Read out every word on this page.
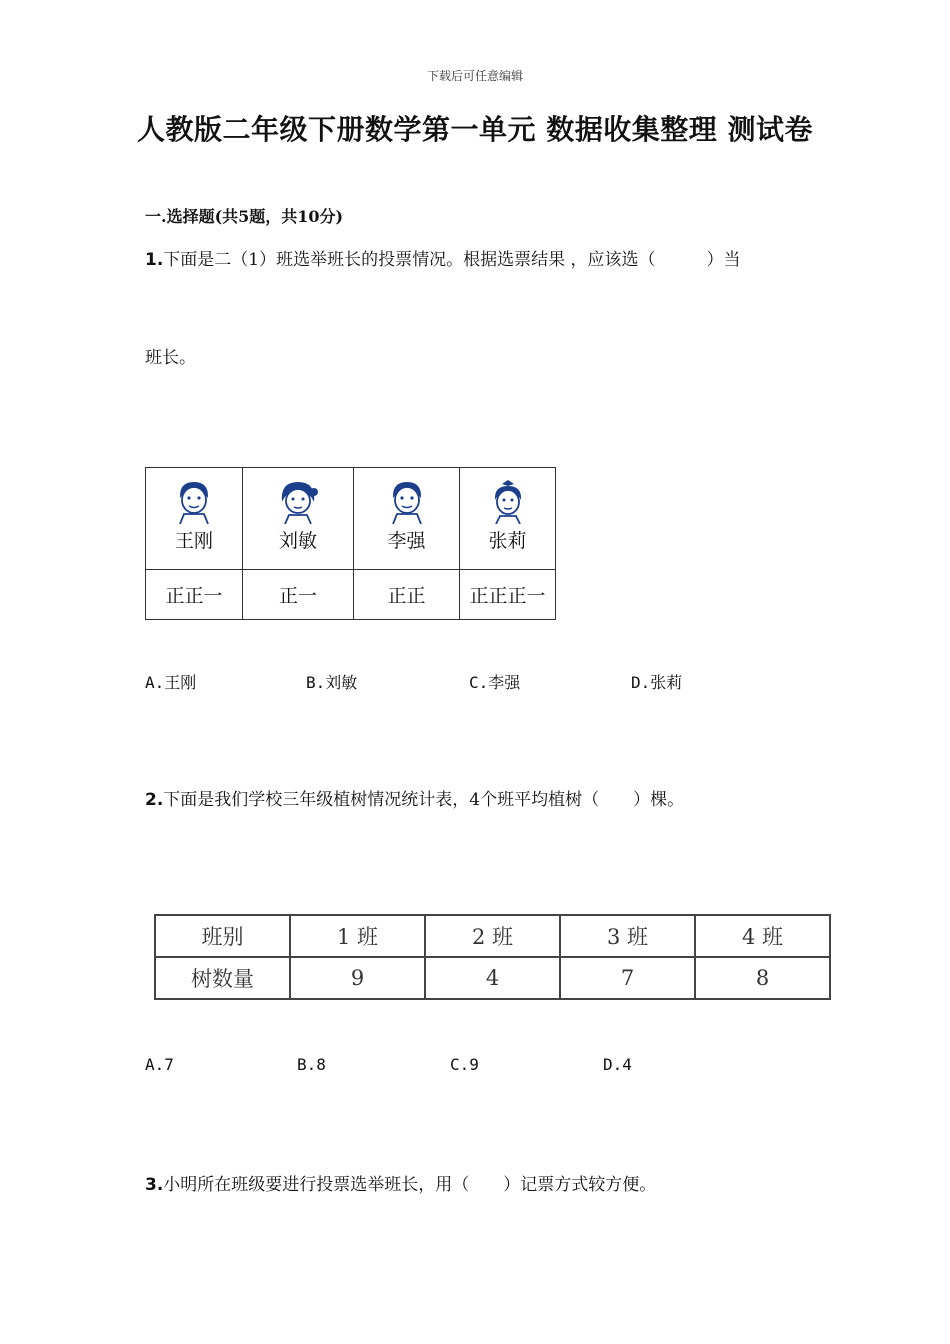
下载后可任意编辑
人教版二年级下册数学第一单元 数据收集整理 测试卷
一.选择题(共5题，共10分)
1.下面是二（1）班选举班长的投票情况。根据选票结果 ，应该选（　　　）当
班长。
王刚	刘敏	李强	张莉

正正一	正一	正正	正正正一
A.王刚	B.刘敏	C.李强	D.张莉
2.下面是我们学校三年级植树情况统计表，4个班平均植树（　　）棵。
班别	1 班	2 班	3 班	4 班
树数量	9	4	7	8
A.7	B.8	C.9	D.4
3.小明所在班级要进行投票选举班长，用（　　）记票方式较方便。
